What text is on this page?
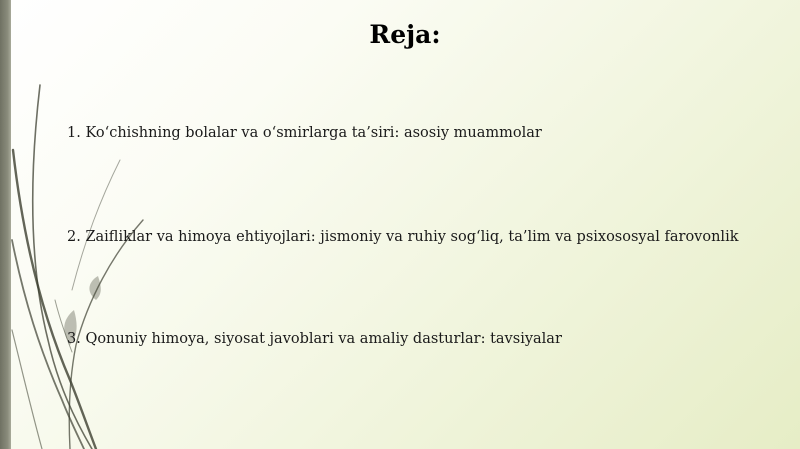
Reja:

1. Ko‘chishning bolalar va o‘smirlarga ta’siri: asosiy muammolar

2. Zaifliklar va himoya ehtiyojlari: jismoniy va ruhiy sog‘liq, ta’lim va psixososyal farovonlik

3. Qonuniy himoya, siyosat javoblari va amaliy dasturlar: tavsiyalar
